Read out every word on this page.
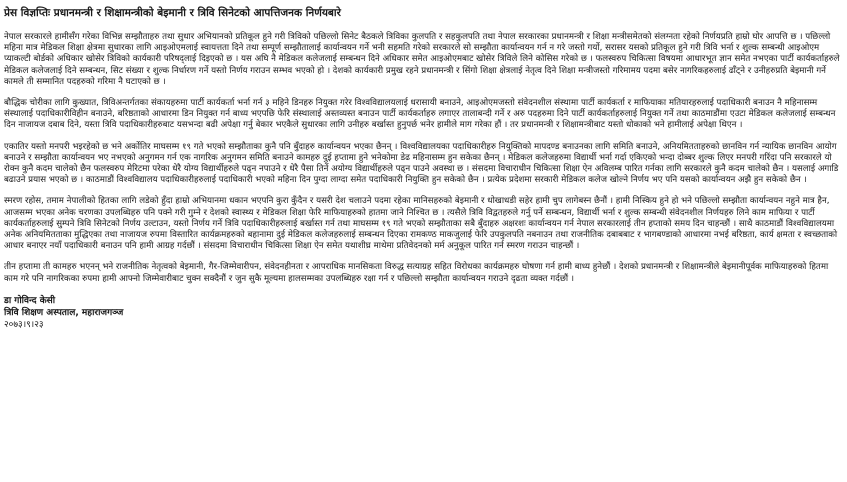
प्रेस विज्ञप्तिः प्रधानमन्त्री र शिक्षामन्त्रीको बेइमानी र त्रिवि सिनेटको आपत्तिजनक निर्णयबारे

नेपाल सरकारले हामीसँग गरेका विभिन्न सम्झौताहरु तथा सुधार अभियानको प्रतिकूल हुने गरी त्रिविको पछिल्लो सिनेट बैठकले त्रिविका कुलपति र सहकुलपति तथा नेपाल सरकारका प्रधानमन्त्री र शिक्षा मन्त्रीसमेतको संलग्नता रहेको निर्णयप्रति हाम्रो घोर आपत्ति छ । पछिल्लो महिना मात्र मेडिकल शिक्षा क्षेत्रमा सुधारका लागि आइओएमलाई स्वायत्तता दिने तथा सम्पूर्ण सम्झौतालाई कार्यान्वयन गर्ने भनी सहमति गरेको सरकारले सो सम्झौता कार्यान्वयन गर्न न गरे जस्तो गर्यो, सरासर यसको प्रतिकूल हुने गरी त्रिवि भर्ना र शुल्क सम्बन्धी आइओएम प्याकल्टी बोर्डको अधिकार खोसेर त्रिविको कार्यकारी परिषद्लाई दिइएको छ । यस अघि नै मेडिकल कलेजलाई सम्बन्धन दिने अधिकार समेत आइओएमबाट खोसेर त्रिविले लिने कोसिस गरेको छ । फलस्वरुप चिकित्सा विषयमा आधारभूत ज्ञान समेत नभएका पार्टी कार्यकर्ताहरुले मेडिकल कलेजलाई दिने सम्बन्धन, सिट संख्या र शुल्क निर्धारण गर्ने यस्तो निर्णय गराउन सम्भव भएको हो । देशको कार्यकारी प्रमुख रहने प्रधानमन्त्री र सिंगो शिक्षा क्षेत्रलाई नेतृत्व दिने शिक्षा मन्त्रीजस्तो गरिमामय पदमा बसेर नागरिकहरुलाई ढाँट्ने र उनीहरुप्रति बेइमानी गर्ने कामले ती सम्मानित पदहरुको गरिमा नै घटाएको छ ।

बौद्धिक चोरीका लागि कुख्यात, त्रिविअन्तर्गतका संकायहरुमा पार्टी कार्यकर्ता भर्ना गर्न ३ महिने डिनहरु नियुक्त गरेर विश्वविद्यालयलाई धरासायी बनाउने, आइओएमजस्तो संवेदनशील संस्थामा पार्टी कार्यकर्ता र माफियाका मतियारहरुलाई पदाधिकारी बनाउन नै महिनासम्म संस्थालाई पदाधिकारीविहीन बनाउने, बरिष्ठताको आधारमा डिन नियुक्त गर्न बाध्य भएपछि फेरि संस्थालाई अस्तव्यस्त बनाउन पार्टी कार्यकर्ताहरु लगाएर तालाबन्दी गर्ने र अरु पदहरुमा दिने पार्टी कार्यकर्ताहरुलाई नियुक्त गर्ने तथा काठमाडौंमा एउटा मेडिकल कलेजलाई सम्बन्धन दिन नाजायज दबाब दिने, यस्ता त्रिवि पदाधिकारीहरुबाट यसभन्दा बढी अपेक्षा गर्नु बेकार भएकैले सुधारका लागि उनीहरु बर्खास्त हुनुपर्छ भनेर हामीले माग गरेका हौं । तर प्रधानमन्त्री र शिक्षामन्त्रीबाट यस्तो धोकाको भने हामीलाई अपेक्षा थिएन ।

एकातिर यस्तो मनपरी भइरहेको छ भने अर्कोतिर माघसम्म १९ गते भएको सम्झौताका कुनै पनि बुँदाहरु कार्यान्वयन भएका छैनन् । विश्वविद्यालयका पदाधिकारीहरु नियुक्तिको मापदण्ड बनाउनका लागि समिति बनाउने, अनियमितताहरुको छानविन गर्न न्यायिक छानविन आयोग बनाउने र सम्झौता कार्यान्वयन भए नभएको अनुगमन गर्न एक नागरिक अनुगमन समिति बनाउने कामहरु दुई हप्तामा हुने भनेकोमा डेढ महिनासम्म हुन सकेका छैनन् । मेडिकल कलेजहरुमा विद्यार्थी भर्ना गर्दा एकिएको भन्दा दोब्बर शुल्क लिएर मनपरी गरिंदा पनि सरकारले यो रोक्न कुनै कदम चालेको छैन फलस्वरुप मेरिटमा परेका धेरै योग्य विद्यार्थीहरुले पढ्न नपाउने र धेरै पैसा तिर्ने अयोग्य विद्यार्थीहरुले पढ्न पाउने अवस्था छ । संसदमा विचाराधीन चिकित्सा शिक्षा ऐन अविलम्ब पारित गर्नका लागि सरकारले कुनै कदम चालेको छैन । यसलाई अगाडि बढाउने प्रयास भएको छ । काठमाडौं विश्वविद्यालय पदाधिकारीहरुलाई पदाधिकारी भएको महिना दिन पुग्दा लाग्दा समेत पदाधिकारी नियुक्ति हुन सकेको छैन । प्रत्येक प्रदेशमा सरकारी मेडिकल कलेज खोल्ने निर्णय भए पनि यसको कार्यान्वयन अझै हुन सकेको छैन ।

स्मरण रहोस, तमाम नेपालीको हितका लागि लडेको हुँदा हाम्रो अभियानमा धकान भएपनि कुरा कुँदैन र यसरी देश चलाउने पदमा रहेका मानिसहरुको बेइमानी र धोखाधडी सहेर हामी चुप लागेबस्न छैनौं । हामी निस्किय हुने हो भने पछिल्लो सम्झौता कार्यान्वयन नहुने मात्र हैन, आजसम्म भएका अनेक चरणका उपलब्धिहरु पनि पक्ने गरी गुम्ने र देशको स्वास्थ्य र मेडिकल शिक्षा फेरि माफियाहरुको हातमा जाने निश्चित छ । त्यसैले त्रिवि विद्वतहरुले गर्नु पर्ने सम्बन्धन, विद्यार्थी भर्ना र शुल्क सम्बन्धी संवेदनशील निर्णयहरु लिने काम माफिया र पार्टी कार्यकर्ताहरुलाई सुम्पने त्रिवि सिनेटको निर्णय उल्टाउन, यस्तो निर्णय गर्ने त्रिवि पदाधिकारीहरुलाई बर्खास्त गर्न तथा माघसम्म १९ गते भएको सम्झौताका सबै बुँदाहरु अक्षरशः कार्यान्वयन गर्न नेपाल सरकारलाई तीन हप्ताको समय दिन चाहन्छौं । साथै काठमाडौं विश्वविद्यालयमा अनेक अनियमितताका मुद्धिएका तथा नाजायज रुपमा विस्तारित कार्यक्रमहरुको बहानामा दुई मेडिकल कलेजहरुलाई सम्बन्धन दिएका रामकण्ठ माकजुलाई फेरि उपकुलपति नबनाउन तथा राजनीतिक दबाबबाट र भागबण्डाको आधारमा नभई बरिष्ठता, कार्य क्षमता र स्वच्छताको आधार बनाएर नयाँ पदाधिकारी बनाउन पनि हामी आग्रह गर्दछौं । संसदमा विचाराधीन चिकित्सा शिक्षा ऐन समेत यथाशीघ्र माथेमा प्रतिवेदनको मर्म अनुकूल पारित गर्न स्मरण गराउन चाहन्छौं ।

तीन हप्तामा ती कामहरु भएनन् भने राजनीतिक नेतृत्वको बेइमानी, गैर-जिम्मेवारीपन, संवेदनहीनता र आपराधिक मानसिकता विरुद्ध सत्याग्रह सहित विरोधका कार्यक्रमहरु घोषणा गर्न हामी बाध्य हुनेछौं । देशको प्रधानमन्त्री र शिक्षामन्त्रीले बेइमानीपूर्वक माफियाहरुको हितमा काम गरे पनि नागरिकका रुपमा हामी आफ्नो जिम्मेवारीबाट चुक्न सक्दैनौं र जुन सुकै मूल्यमा हालसम्मका उपलब्धिहरु रक्षा गर्न र पछिल्लो सम्झौता कार्यान्वयन गराउने दृढता व्यक्त गर्दछौं ।

डा गोविन्द केसी

त्रिवि शिक्षण अस्पताल, महाराजगञ्ज

२०७३।९।२३
